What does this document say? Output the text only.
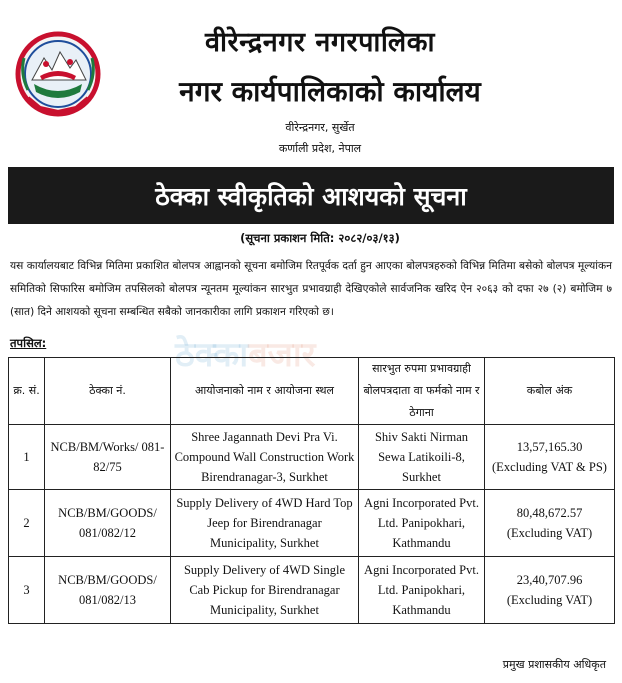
वीरेन्द्रनगर नगरपालिका
नगर कार्यपालिकाको कार्यालय
वीरेन्द्रनगर, सुर्खेत
कर्णाली प्रदेश, नेपाल
ठेक्का स्वीकृतिको आशयको सूचना
(सूचना प्रकाशन मिति: २०८२/०३/१३)
यस कार्यालयबाट विभिन्न मितिमा प्रकाशित बोलपत्र आह्वानको सूचना बमोजिम रितपूर्वक दर्ता हुन आएका बोलपत्रहरुको विभिन्न मितिमा बसेको बोलपत्र मूल्यांकन समितिको सिफारिस बमोजिम तपसिलको बोलपत्र न्यूनतम मूल्यांकन सारभुत प्रभावग्राही देखिएकोले सार्वजनिक खरिद ऐन २०६३ को दफा २७ (२) बमोजिम ७ (सात) दिने आशयको सूचना सम्बन्धित सबैको जानकारीका लागि प्रकाशन गरिएको छ।
ठेक्काबजार
तपसिल:
क्र. सं.	ठेक्का नं.	आयोजनाको नाम र आयोजना स्थल	सारभुत रुपमा प्रभावग्राही बोलपत्रदाता वा फर्मको नाम र ठेगाना	कबोल अंक
1	NCB/BM/Works/ 081-82/75	Shree Jagannath Devi Pra Vi. Compound Wall Construction Work Birendranagar-3, Surkhet	Shiv Sakti Nirman Sewa Latikoili-8, Surkhet	13,57,165.30
(Excluding VAT & PS)

2	NCB/BM/GOODS/ 081/082/12	Supply Delivery of 4WD Hard Top Jeep for Birendranagar Municipality, Surkhet	Agni Incorporated Pvt. Ltd. Panipokhari, Kathmandu	80,48,672.57
(Excluding VAT)

3	NCB/BM/GOODS/ 081/082/13	Supply Delivery of 4WD Single Cab Pickup for Birendranagar Municipality, Surkhet	Agni Incorporated Pvt. Ltd. Panipokhari, Kathmandu	23,40,707.96
(Excluding VAT)
प्रमुख प्रशासकीय अधिकृत
